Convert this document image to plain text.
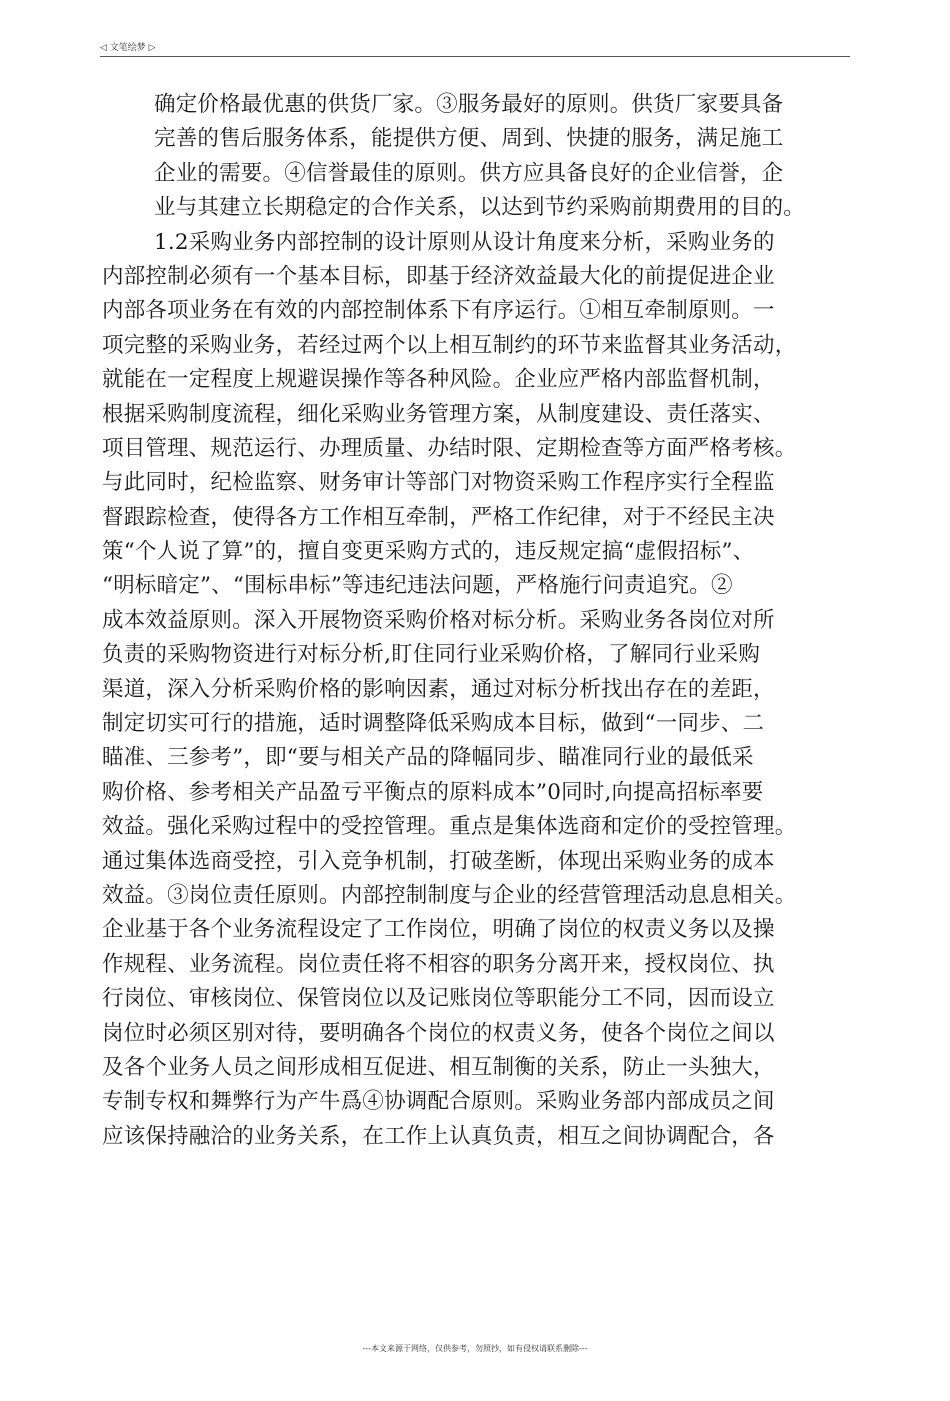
◁ 文笔绘梦 ▷
确定价格最优惠的供货厂家。③服务最好的原则。供货厂家要具备
完善的售后服务体系，能提供方便、周到、快捷的服务，满足施工
企业的需要。④信誉最佳的原则。供方应具备良好的企业信誉，企
业与其建立长期稳定的合作关系，以达到节约采购前期费用的目的。
1.2采购业务内部控制的设计原则从设计角度来分析，采购业务的
内部控制必须有一个基本目标，即基于经济效益最大化的前提促进企业
内部各项业务在有效的内部控制体系下有序运行。①相互牵制原则。一
项完整的采购业务，若经过两个以上相互制约的环节来监督其业务活动，
就能在一定程度上规避误操作等各种风险。企业应严格内部监督机制，
根据采购制度流程，细化采购业务管理方案，从制度建设、责任落实、
项目管理、规范运行、办理质量、办结时限、定期检查等方面严格考核。
与此同时，纪检监察、财务审计等部门对物资采购工作程序实行全程监
督跟踪检查，使得各方工作相互牵制，严格工作纪律，对于不经民主决
策“个人说了算”的，擅自变更采购方式的，违反规定搞“虚假招标”、
“明标暗定”、“围标串标”等违纪违法问题，严格施行问责追究。②
成本效益原则。深入开展物资采购价格对标分析。采购业务各岗位对所
负责的采购物资进行对标分析,盯住同行业采购价格，了解同行业采购
渠道，深入分析采购价格的影响因素，通过对标分析找出存在的差距，
制定切实可行的措施，适时调整降低采购成本目标，做到“一同步、二
瞄准、三参考”，即“要与相关产品的降幅同步、瞄准同行业的最低采
购价格、参考相关产品盈亏平衡点的原料成本”0同时,向提高招标率要
效益。强化采购过程中的受控管理。重点是集体选商和定价的受控管理。
通过集体选商受控，引入竞争机制，打破垄断，体现出采购业务的成本
效益。③岗位责任原则。内部控制制度与企业的经营管理活动息息相关。
企业基于各个业务流程设定了工作岗位，明确了岗位的权责义务以及操
作规程、业务流程。岗位责任将不相容的职务分离开来，授权岗位、执
行岗位、审核岗位、保管岗位以及记账岗位等职能分工不同，因而设立
岗位时必须区别对待，要明确各个岗位的权责义务，使各个岗位之间以
及各个业务人员之间形成相互促进、相互制衡的关系，防止一头独大，
专制专权和舞弊行为产牛爲④协调配合原则。采购业务部内部成员之间
应该保持融洽的业务关系，在工作上认真负责，相互之间协调配合，各
---本文来源于网络，仅供参考，勿照抄，如有侵权请联系删除---
